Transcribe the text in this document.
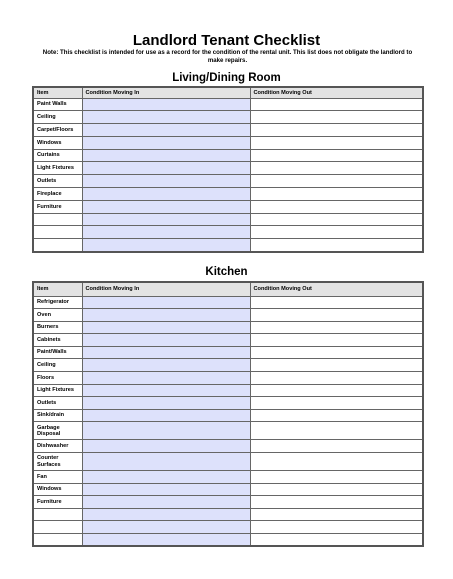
Landlord Tenant Checklist
Note: This checklist is intended for use as a record for the condition of the rental unit. This list does not obligate the landlord to make repairs.
Living/Dining Room
Item	Condition Moving In	Condition Moving Out
Paint Walls		
Ceiling		
Carpet/Floors		
Windows		
Curtains		
Light Fixtures		
Outlets		
Fireplace		
Furniture		

Kitchen
Item	Condition Moving In	Condition Moving Out
Refrigerator		
Oven		
Burners		
Cabinets		
Paint/Walls		
Ceiling		
Floors		
Light Fixtures		
Outlets		
Sink/drain		
Garbage Disposal		
Dishwasher		
Counter Surfaces		
Fan		
Windows		
Furniture		
